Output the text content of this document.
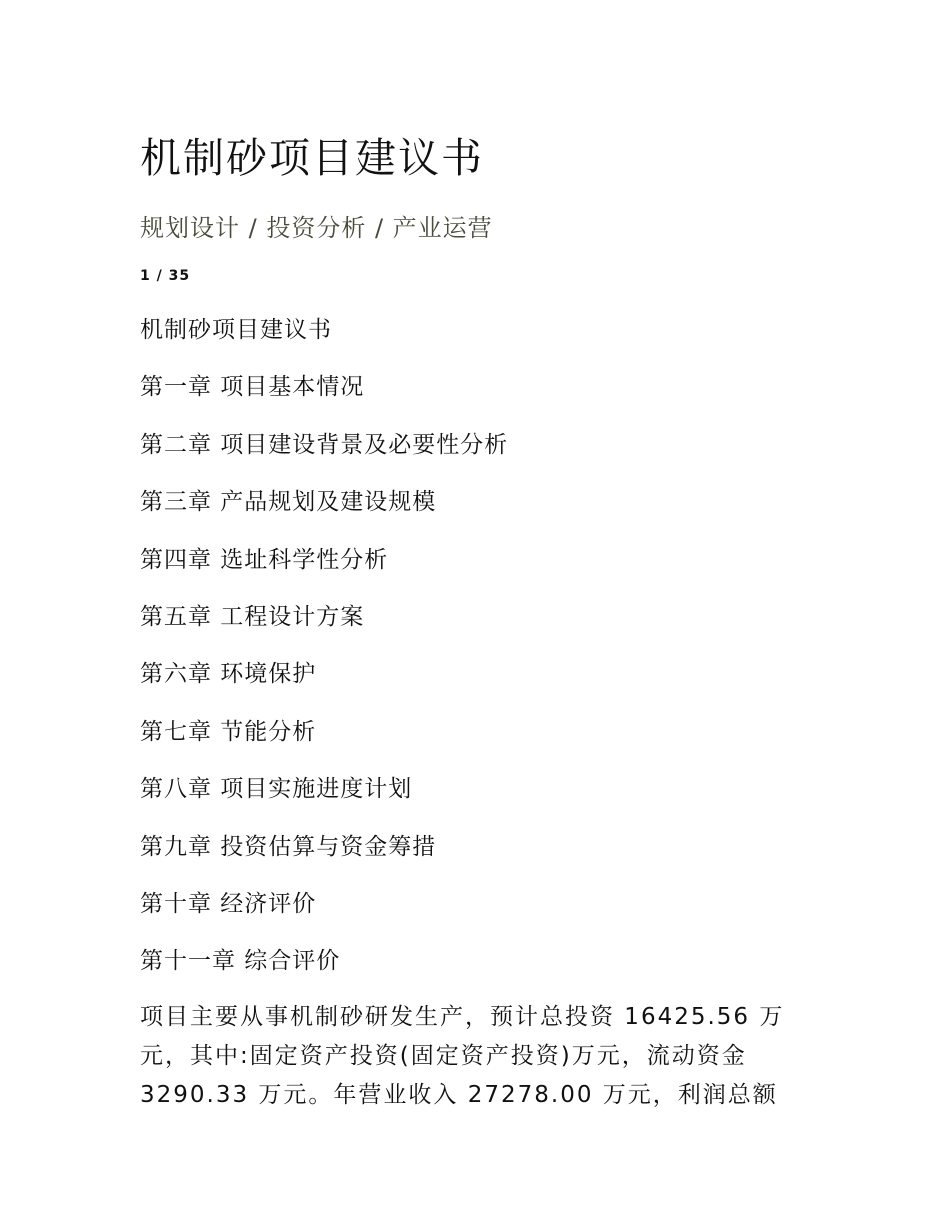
机制砂项目建议书
规划设计 / 投资分析 / 产业运营
1 / 35
机制砂项目建议书
第一章 项目基本情况
第二章 项目建设背景及必要性分析
第三章 产品规划及建设规模
第四章 选址科学性分析
第五章 工程设计方案
第六章 环境保护
第七章 节能分析
第八章 项目实施进度计划
第九章 投资估算与资金筹措
第十章 经济评价
第十一章 综合评价

项目主要从事机制砂研发生产，预计总投资 16425.56 万元，其中:固定资产投资(固定资产投资)万元，流动资金 3290.33 万元。年营业收入 27278.00 万元，利润总额
